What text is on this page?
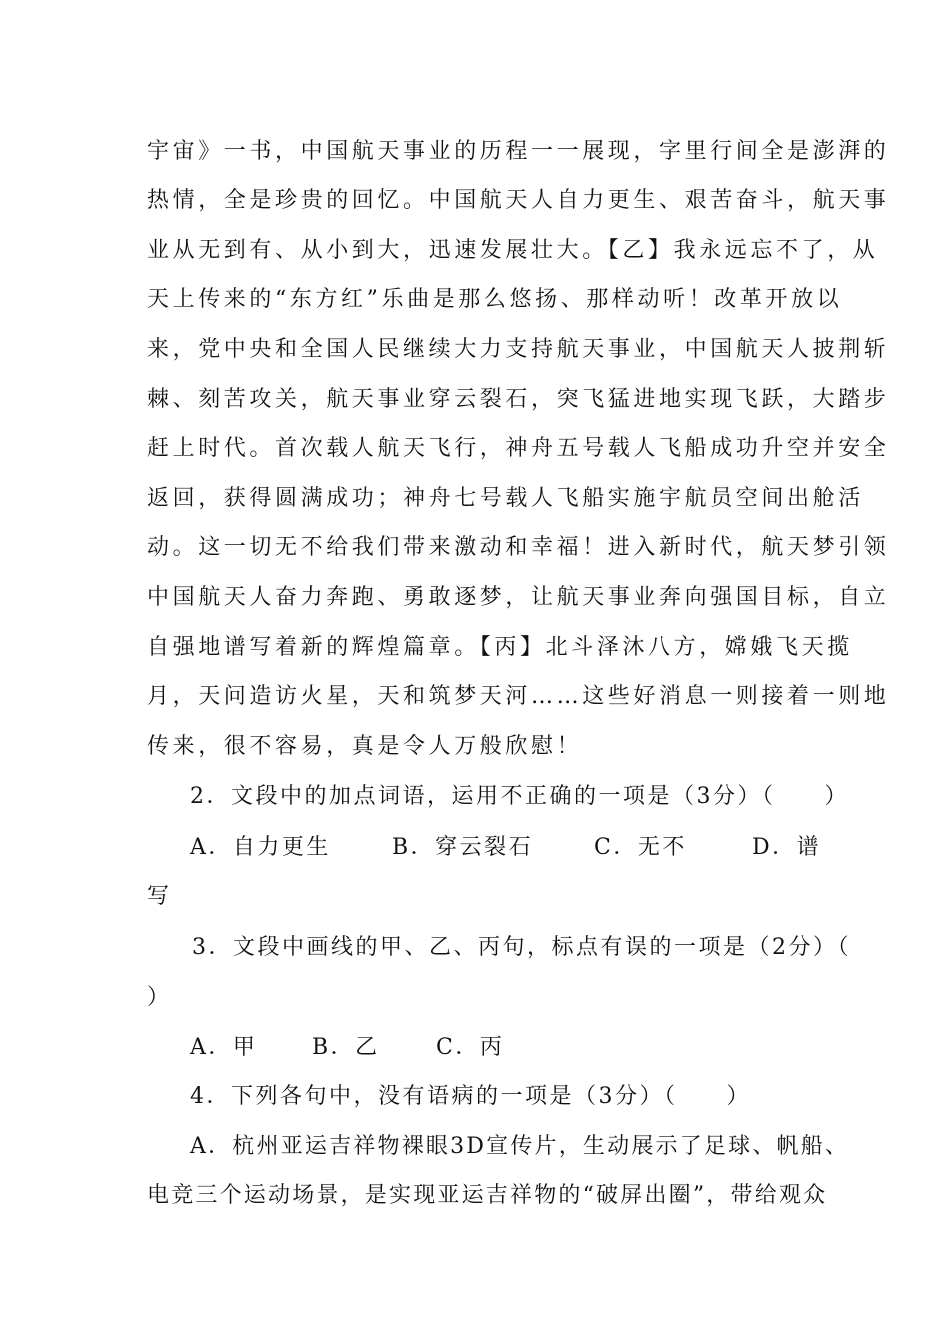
宇宙》一书，中国航天事业的历程一一展现，字里行间全是澎湃的
热情，全是珍贵的回忆。中国航天人自力更生、艰苦奋斗，航天事
业从无到有、从小到大，迅速发展壮大。【乙】我永远忘不了，从
天上传来的“东方红”乐曲是那么悠扬、那样动听！改革开放以
来，党中央和全国人民继续大力支持航天事业，中国航天人披荆斩
棘、刻苦攻关，航天事业穿云裂石，突飞猛进地实现飞跃，大踏步
赶上时代。首次载人航天飞行，神舟五号载人飞船成功升空并安全
返回，获得圆满成功；神舟七号载人飞船实施宇航员空间出舱活
动。这一切无不给我们带来激动和幸福！进入新时代，航天梦引领
中国航天人奋力奔跑、勇敢逐梦，让航天事业奔向强国目标，自立
自强地谱写着新的辉煌篇章。【丙】北斗泽沐八方，嫦娥飞天揽
月，天问造访火星，天和筑梦天河……这些好消息一则接着一则地
传来，很不容易，真是令人万般欣慰！
2．文段中的加点词语，运用不正确的一项是（3分）（　　）
A．自力更生	B．穿云裂石	C．无不	D．谱
写
3．文段中画线的甲、乙、丙句，标点有误的一项是（2分）（
）
A．甲 B．乙	C．丙
4．下列各句中，没有语病的一项是（3分）（　　）
A．杭州亚运吉祥物裸眼3D宣传片，生动展示了足球、帆船、
电竞三个运动场景，是实现亚运吉祥物的“破屏出圈”，带给观众
